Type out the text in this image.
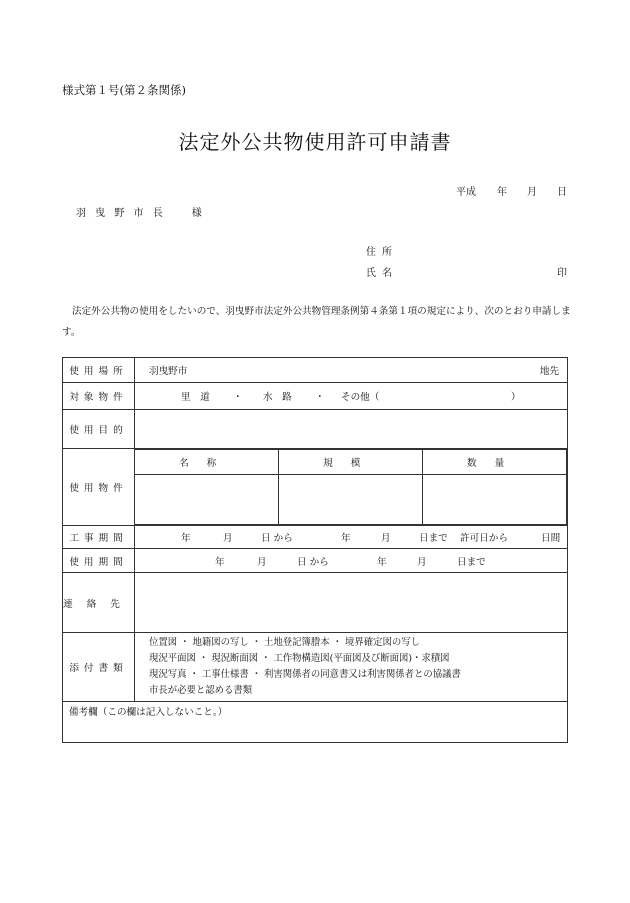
様式第１号(第２条関係)
法定外公共物使用許可申請書
平成 年 月 日
羽 曳 野 市 長　　様
住所
氏名	印
法定外公共物の使用をしたいので、羽曳野市法定外公共物管理条例第４条第１項の規定により、次のとおり申請します。
使用場所	羽曳野市	地先

対象物件	里　道 ・ 水　路 ・ その他（	）

使用目的	
使用物件	
名称	規模	数量

工事期間	年	月	日 から	年	月	日まで 許可日から	日間

使用期間	年	月	日 から	年	月	日まで

連絡先	
添付書類	
位置図 ・ 地籍図の写し ・ 土地登記簿謄本 ・ 境界確定図の写し
現況平面図 ・ 現況断面図 ・ 工作物構造図(平面図及び断面図)・求積図
現況写真 ・ 工事仕様書 ・ 利害関係者の同意書又は利害関係者との協議書
市長が必要と認める書類

備考欄（この欄は記入しないこと。）
